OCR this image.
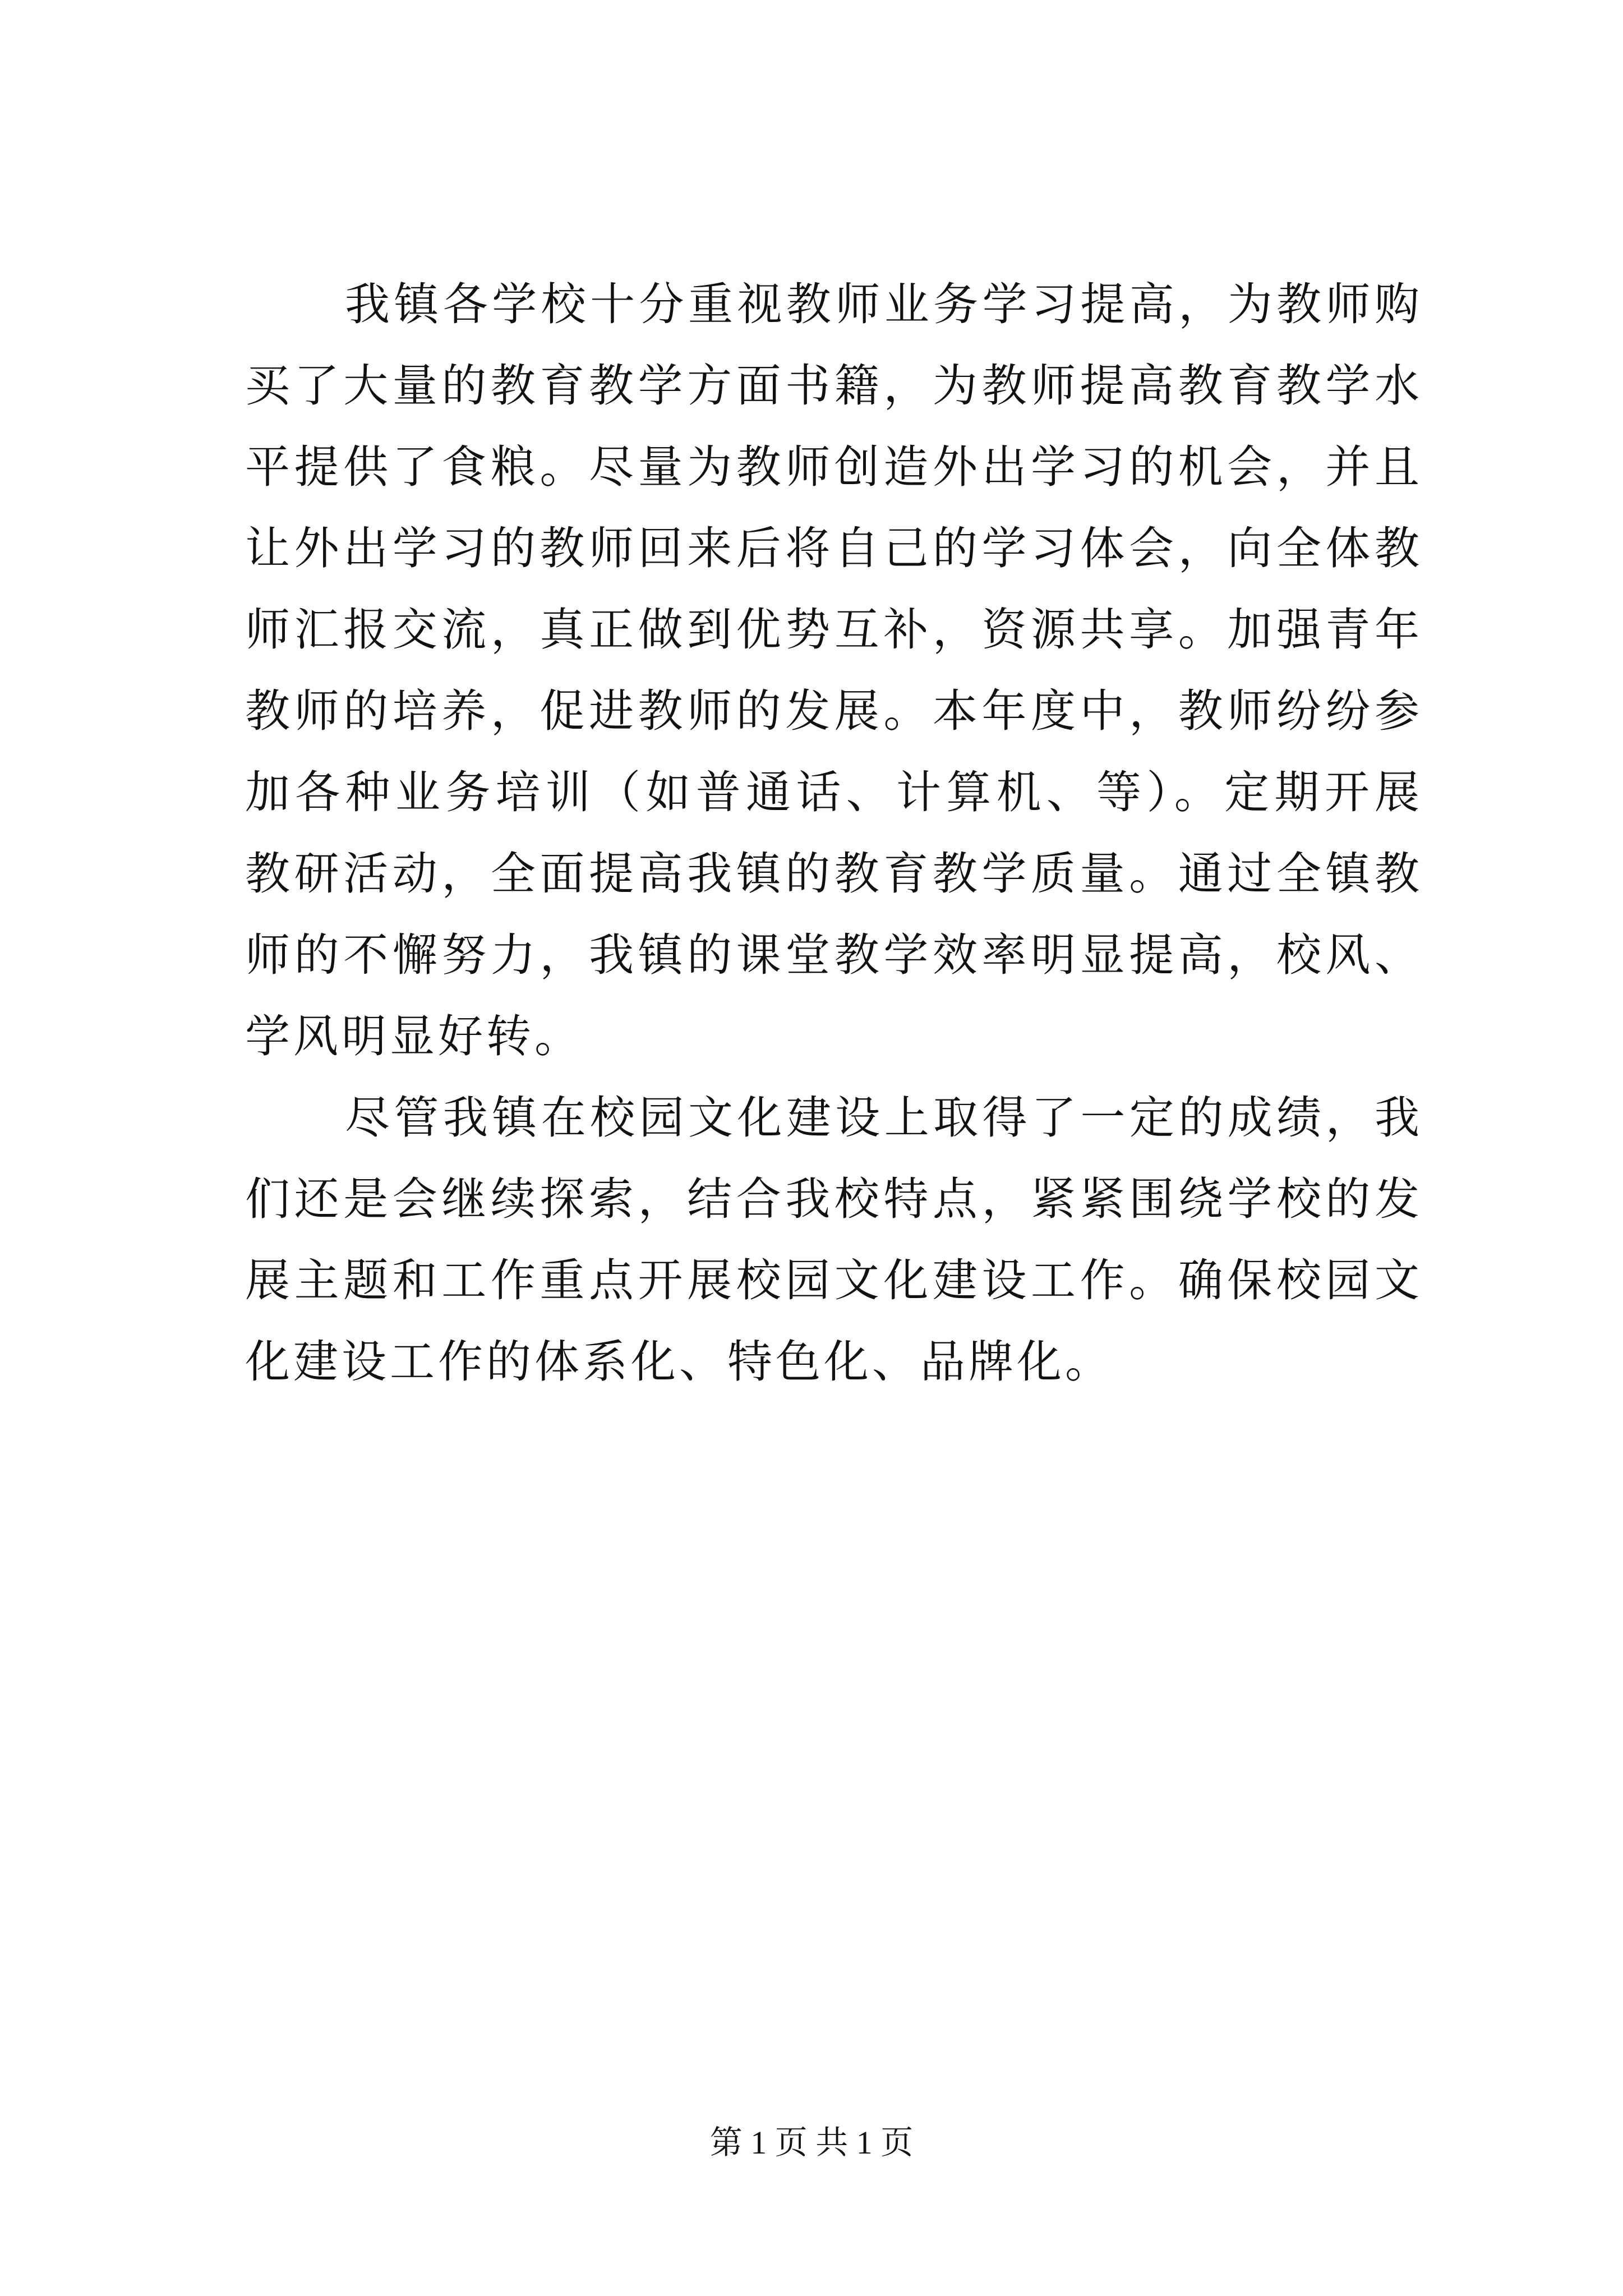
我镇各学校十分重视教师业务学习提高，为教师购买了大量的教育教学方面书籍，为教师提高教育教学水平提供了食粮。尽量为教师创造外出学习的机会，并且让外出学习的教师回来后将自己的学习体会，向全体教师汇报交流，真正做到优势互补，资源共享。加强青年教师的培养，促进教师的发展。本年度中，教师纷纷参加各种业务培训（如普通话、计算机、等）。定期开展教研活动，全面提高我镇的教育教学质量。通过全镇教师的不懈努力，我镇的课堂教学效率明显提高，校风、学风明显好转。

尽管我镇在校园文化建设上取得了一定的成绩，我们还是会继续探索，结合我校特点，紧紧围绕学校的发展主题和工作重点开展校园文化建设工作。确保校园文化建设工作的体系化、特色化、品牌化。

第 1 页 共 1 页
